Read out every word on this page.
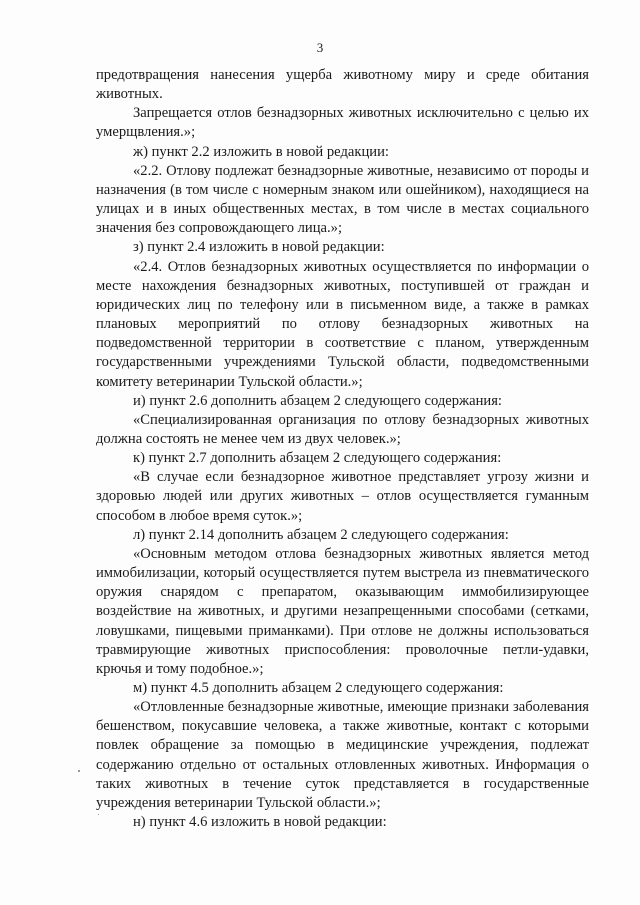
3

предотвращения нанесения ущерба животному миру и среде обитания животных.

Запрещается отлов безнадзорных животных исключительно с целью их умерщвления.»;

ж) пункт 2.2 изложить в новой редакции:

«2.2. Отлову подлежат безнадзорные животные, независимо от породы и назначения (в том числе с номерным знаком или ошейником), находящиеся на улицах и в иных общественных местах, в том числе в местах социального значения без сопровождающего лица.»;

з) пункт 2.4 изложить в новой редакции:

«2.4. Отлов безнадзорных животных осуществляется по информации о месте нахождения безнадзорных животных, поступившей от граждан и юридических лиц по телефону или в письменном виде, а также в рамках плановых мероприятий по отлову безнадзорных животных на подведомственной территории в соответствие с планом, утвержденным государственными учреждениями Тульской области, подведомственными комитету ветеринарии Тульской области.»;

и) пункт 2.6 дополнить абзацем 2 следующего содержания:

«Специализированная организация по отлову безнадзорных животных должна состоять не менее чем из двух человек.»;

к) пункт 2.7 дополнить абзацем 2 следующего содержания:

«В случае если безнадзорное животное представляет угрозу жизни и здоровью людей или других животных – отлов осуществляется гуманным способом в любое время суток.»;

л) пункт 2.14 дополнить абзацем 2 следующего содержания:

«Основным методом отлова безнадзорных животных является метод иммобилизации, который осуществляется путем выстрела из пневматического оружия снарядом с препаратом, оказывающим иммобилизирующее воздействие на животных, и другими незапрещенными способами (сетками, ловушками, пищевыми приманками). При отлове не должны использоваться травмирующие животных приспособления: проволочные петли-удавки, крючья и тому подобное.»;

м) пункт 4.5 дополнить абзацем 2 следующего содержания:

«Отловленные безнадзорные животные, имеющие признаки заболевания бешенством, покусавшие человека, а также животные, контакт с которыми повлек обращение за помощью в медицинские учреждения, подлежат содержанию отдельно от остальных отловленных животных. Информация о таких животных в течение суток представляется в государственные учреждения ветеринарии Тульской области.»;

н) пункт 4.6 изложить в новой редакции:
